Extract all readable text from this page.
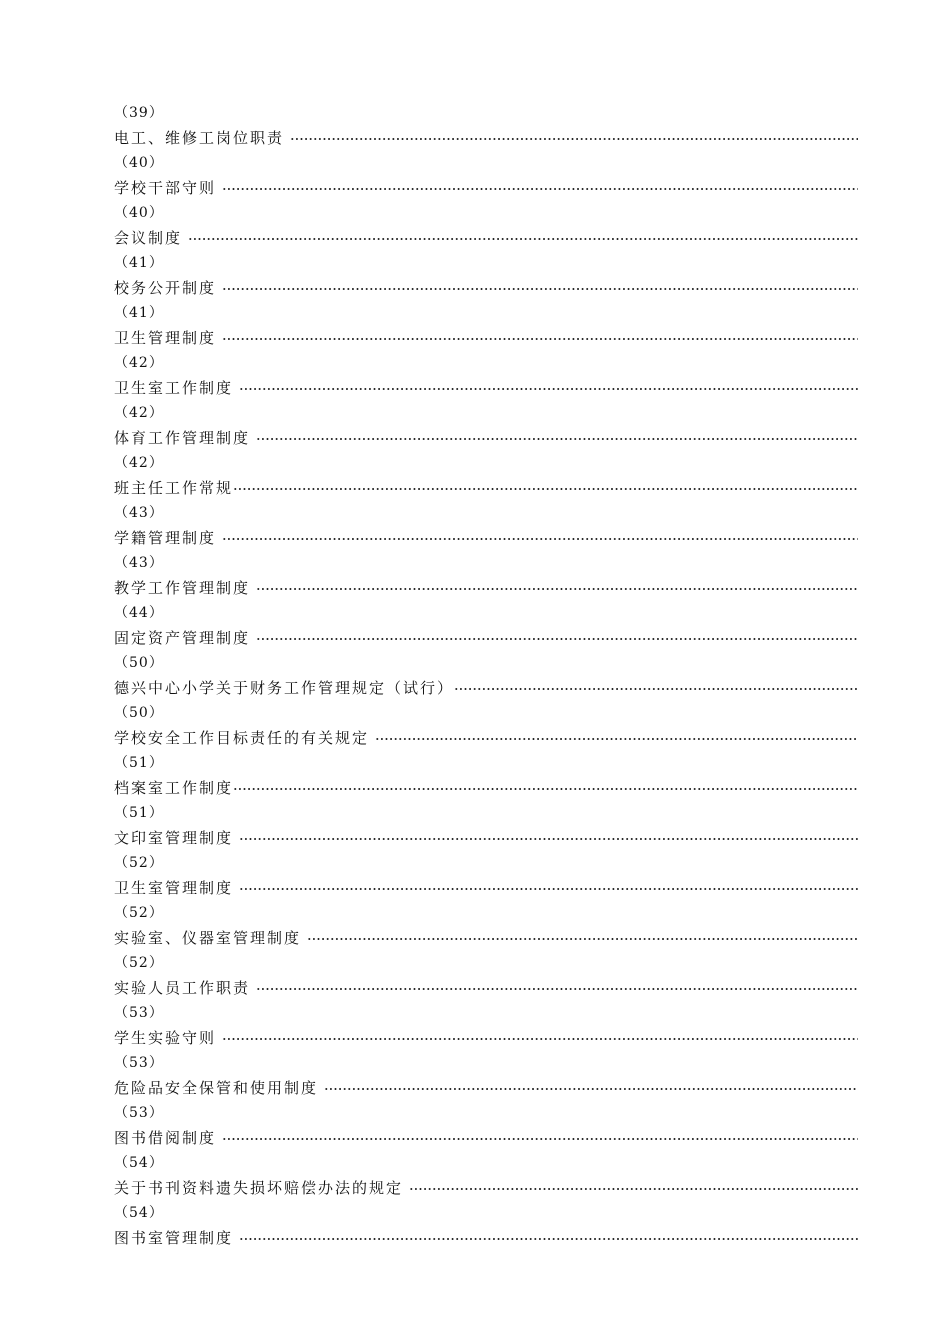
（39）
电工、维修工岗位职责
（40）
学校干部守则
（40）
会议制度
（41）
校务公开制度
（41）
卫生管理制度
（42）
卫生室工作制度
（42）
体育工作管理制度
（42）
班主任工作常规
（43）
学籍管理制度
（43）
教学工作管理制度
（44）
固定资产管理制度
（50）
德兴中心小学关于财务工作管理规定（试行）
（50）
学校安全工作目标责任的有关规定
（51）
档案室工作制度
（51）
文印室管理制度
（52）
卫生室管理制度
（52）
实验室、仪器室管理制度
（52）
实验人员工作职责
（53）
学生实验守则
（53）
危险品安全保管和使用制度
（53）
图书借阅制度
（54）
关于书刊资料遗失损坏赔偿办法的规定
（54）
图书室管理制度
